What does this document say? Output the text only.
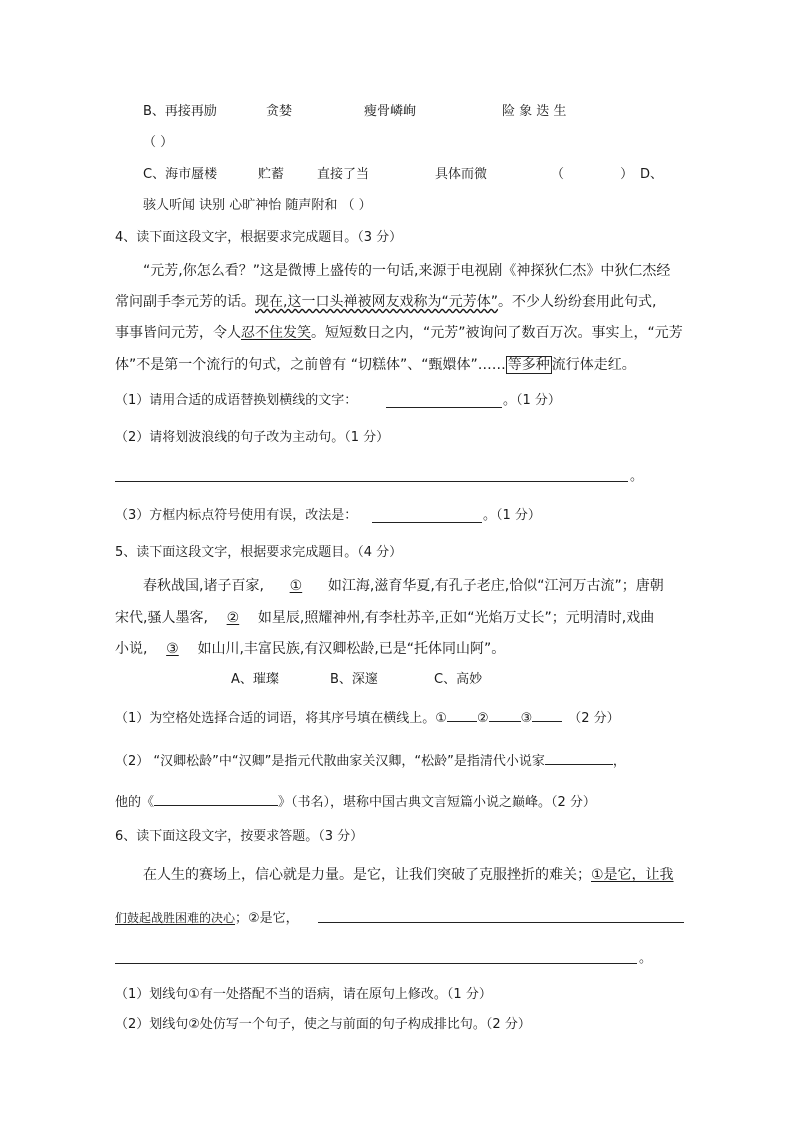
B、再接再励	贪婪	瘦骨嶙峋	险 象 迭 生
（ ）
C、海市蜃楼	贮蓄	直接了当	具体而微	（ ） D、
骇人听闻 诀别 心旷神怡 随声附和 （ ）
4、读下面这段文字，根据要求完成题目。（3 分）
“元芳,你怎么看？”这是微博上盛传的一句话,来源于电视剧《神探狄仁杰》中狄仁杰经
常问副手李元芳的话。现在,这一口头禅被网友戏称为“元芳体”。不少人纷纷套用此句式,
事事皆问元芳，令人忍不住发笑。短短数日之内，“元芳”被询问了数百万次。事实上，“元芳
体”不是第一个流行的句式，之前曾有 “切糕体”、“甄嬛体”…… 等多种 流行体走红。
（1）请用合适的成语替换划横线的文字：	。（1 分）
（2）请将划波浪线的句子改为主动句。（1 分）
。
（3）方框内标点符号使用有误，改法是：	。（1 分）
5、读下面这段文字，根据要求完成题目。（4 分）
春秋战国,诸子百家, ① 如江海,滋育华夏,有孔子老庄,恰似“江河万古流”；唐朝
宋代,骚人墨客, ② 如星辰,照耀神州,有李杜苏辛,正如“光焰万丈长”；元明清时,戏曲
小说, ③ 如山川,丰富民族,有汉卿松龄,已是“托体同山阿”。
A、璀璨	B、深邃	C、高妙
（1）为空格处选择合适的词语，将其序号填在横线上。① ② ③	（2 分）
（2） “汉卿松龄”中“汉卿”是指元代散曲家关汉卿，“松龄”是指清代小说家	，
他的《	》（书名），堪称中国古典文言短篇小说之巅峰。（2 分）
6、读下面这段文字，按要求答题。（3 分）
在人生的赛场上，信心就是力量。是它，让我们突破了克服挫折的难关；①是它，让我
们鼓起战胜困难的决心；②是它，
。
（1）划线句①有一处搭配不当的语病，请在原句上修改。（1 分）
（2）划线句②处仿写一个句子，使之与前面的句子构成排比句。（2 分）
